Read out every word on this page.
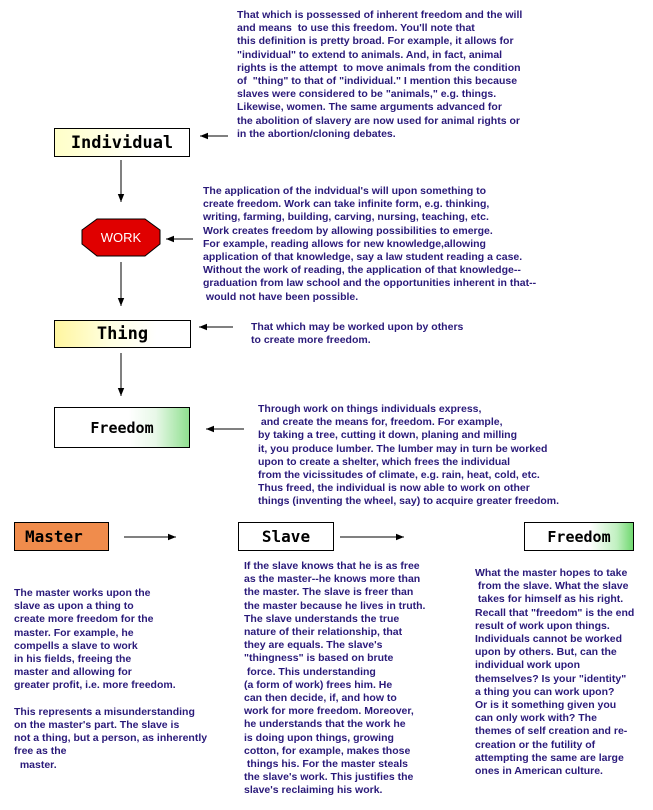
WORK
Individual
Thing
Freedom
Master	Slave	Freedom

That which is possessed of inherent freedom and the will
and means  to use this freedom. You'll note that
this definition is pretty broad. For example, it allows for
"individual" to extend to animals. And, in fact, animal
rights is the attempt  to move animals from the condition
of  "thing" to that of "individual." I mention this because
slaves were considered to be "animals," e.g. things.
Likewise, women. The same arguments advanced for
the abolition of slavery are now used for animal rights or
in the abortion/cloning debates.

The application of the indvidual's will upon something to
create freedom. Work can take infinite form, e.g. thinking,
writing, farming, building, carving, nursing, teaching, etc.
Work creates freedom by allowing possibilities to emerge.
For example, reading allows for new knowledge,allowing
application of that knowledge, say a law student reading a case.
Without the work of reading, the application of that knowledge--
graduation from law school and the opportunities inherent in that--
would not have been possible.

That which may be worked upon by others
to create more freedom.

Through work on things individuals express,
and create the means for, freedom. For example,
by taking a tree, cutting it down, planing and milling
it, you produce lumber. The lumber may in turn be worked
upon to create a shelter, which frees the individual
from the vicissitudes of climate, e.g. rain, heat, cold, etc.
Thus freed, the individual is now able to work on other
things (inventing the wheel, say) to acquire greater freedom.

The master works upon the
slave as upon a thing to
create more freedom for the
master. For example, he
compells a slave to work
in his fields, freeing the
master and allowing for
greater profit, i.e. more freedom.

This represents a misunderstanding
on the master's part. The slave is
not a thing, but a person, as inherently
free as the
master.

If the slave knows that he is as free
as the master--he knows more than
the master. The slave is freer than
the master because he lives in truth.
The slave understands the true
nature of their relationship, that
they are equals. The slave's
"thingness" is based on brute
force. This understanding
(a form of work) frees him. He
can then decide, if, and how to
work for more freedom. Moreover,
he understands that the work he
is doing upon things, growing
cotton, for example, makes those
things his. For the master steals
the slave's work. This justifies the
slave's reclaiming his work.

What the master hopes to take
from the slave. What the slave
takes for himself as his right.
Recall that "freedom" is the end
result of work upon things.
Individuals cannot be worked
upon by others. But, can the
individual work upon
themselves? Is your "identity"
a thing you can work upon?
Or is it something given you
can only work with? The
themes of self creation and re-
creation or the futility of
attempting the same are large
ones in American culture.
